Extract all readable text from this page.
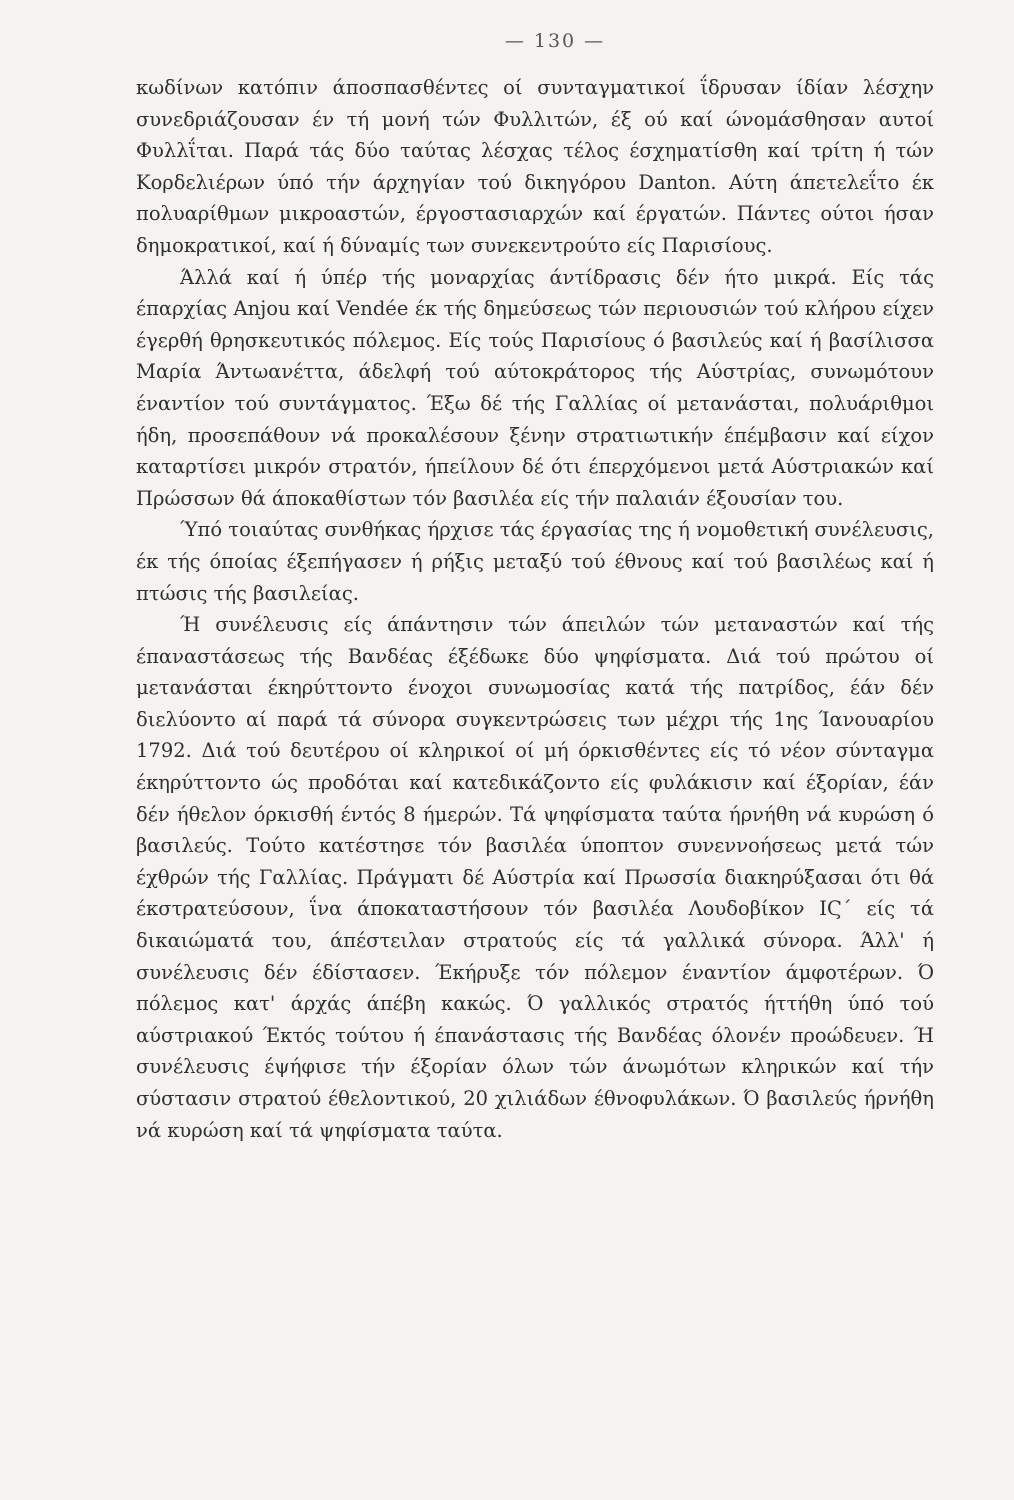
— 130 —

κωδίνων κατόπιν άποσπασθέντες οί συνταγματικοί ΐδρυσαν ίδίαν λέσχην συνεδριάζουσαν έν τή μονή τών Φυλλιτών, έξ ού καί ώνομάσθησαν αυτοί Φυλλΐται. Παρά τάς δύο ταύτας λέσχας τέλος έσχηματίσθη καί τρίτη ή τών Κορδελιέρων ύπό τήν άρχηγίαν τού δικηγόρου Danton. Αύτη άπετελεΐτο έκ πολυαρίθμων μικροαστών, έργοστασιαρχών καί έργατών. Πάντες ούτοι ήσαν δημοκρατικοί, καί ή δύναμίς των συνεκεντρούτο είς Παρισίους.

Άλλά καί ή ύπέρ τής μοναρχίας άντίδρασις δέν ήτο μικρά. Είς τάς έπαρχίας Anjou καί Vendée έκ τής δημεύσεως τών περιουσιών τού κλήρου είχεν έγερθή θρησκευτικός πόλεμος. Είς τούς Παρισίους ό βασιλεύς καί ή βασίλισσα Μαρία Άντωανέττα, άδελφή τού αύτοκράτορος τής Αύστρίας, συνωμότουν έναντίον τού συντάγματος. Έξω δέ τής Γαλλίας οί μετανάσται, πολυάριθμοι ήδη, προσεπάθουν νά προκαλέσουν ξένην στρατιωτικήν έπέμβασιν καί είχον καταρτίσει μικρόν στρατόν, ήπείλουν δέ ότι έπερχόμενοι μετά Αύστριακών καί Πρώσσων θά άποκαθίστων τόν βασιλέα είς τήν παλαιάν έξουσίαν του.

Ύπό τοιαύτας συνθήκας ήρχισε τάς έργασίας της ή νομοθετική συνέλευσις, έκ τής όποίας έξεπήγασεν ή ρήξις μεταξύ τού έθνους καί τού βασιλέως καί ή πτώσις τής βασιλείας.

Ή συνέλευσις είς άπάντησιν τών άπειλών τών μεταναστών καί τής έπαναστάσεως τής Βανδέας έξέδωκε δύο ψηφίσματα. Διά τού πρώτου οί μετανάσται έκηρύττοντο ένοχοι συνωμοσίας κατά τής πατρίδος, έάν δέν διελύοντο αί παρά τά σύνορα συγκεντρώσεις των μέχρι τής 1ης Ίανουαρίου 1792. Διά τού δευτέρου οί κληρικοί οί μή όρκισθέντες είς τό νέον σύνταγμα έκηρύττοντο ώς προδόται καί κατεδικάζοντο είς φυλάκισιν καί έξορίαν, έάν δέν ήθελον όρκισθή έντός 8 ήμερών. Τά ψηφίσματα ταύτα ήρνήθη νά κυρώση ό βασιλεύς. Τούτο κατέστησε τόν βασιλέα ύποπτον συνεννοήσεως μετά τών έχθρών τής Γαλλίας. Πράγματι δέ Αύστρία καί Πρωσσία διακηρύξασαι ότι θά έκστρατεύσουν, ΐνα άποκαταστήσουν τόν βασιλέα Λουδοβίκον ΙϚ΄ είς τά δικαιώματά του, άπέστειλαν στρατούς είς τά γαλλικά σύνορα. Άλλ' ή συνέλευσις δέν έδίστασεν. Έκήρυξε τόν πόλεμον έναντίον άμφοτέρων. Ό πόλεμος κατ' άρχάς άπέβη κακώς. Ό γαλλικός στρατός ήττήθη ύπό τού αύστριακού Έκτός τούτου ή έπανάστασις τής Βανδέας όλονέν προώδευεν. Ή συνέλευσις έψήφισε τήν έξορίαν όλων τών άνωμότων κληρικών καί τήν σύστασιν στρατού έθελοντικού, 20 χιλιάδων έθνοφυλάκων. Ό βασιλεύς ήρνήθη νά κυρώση καί τά ψηφίσματα ταύτα.
